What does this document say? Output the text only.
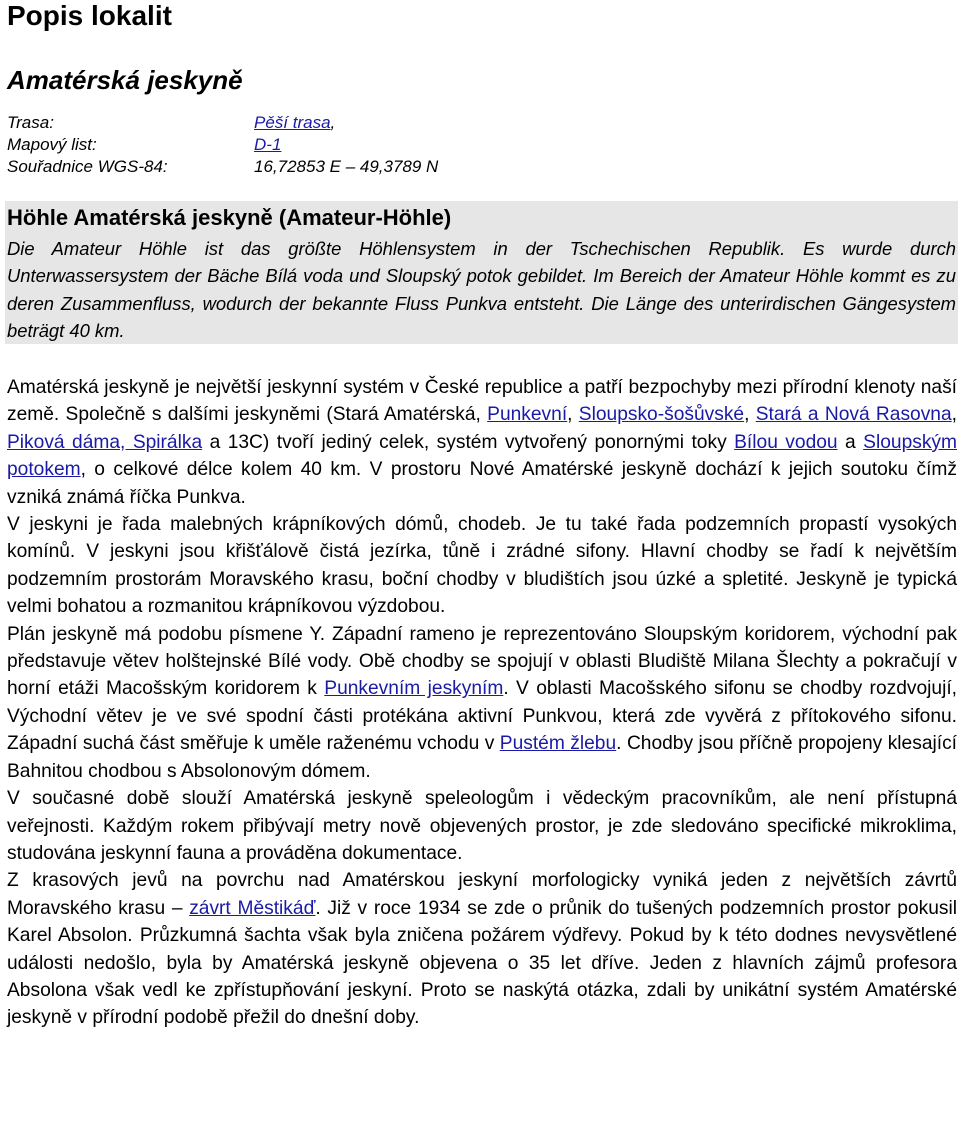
Popis lokalit
Amatérská jeskyně
Trasa:	Pěší trasa,
Mapový list:	D-1
Souřadnice WGS-84:	16,72853 E – 49,3789 N
Höhle Amatérská jeskyně (Amateur-Höhle)

Die Amateur Höhle ist das größte Höhlensystem in der Tschechischen Republik. Es wurde durch Unterwassersystem der Bäche Bílá voda und Sloupský potok gebildet. Im Bereich der Amateur Höhle kommt es zu deren Zusammenfluss, wodurch der bekannte Fluss Punkva entsteht. Die Länge des unterirdischen Gängesystem beträgt 40 km.

Amatérská jeskyně je největší jeskynní systém v České republice a patří bezpochyby mezi přírodní klenoty naší země. Společně s dalšími jeskyněmi (Stará Amatérská, Punkevní, Sloupsko-šošůvské, Stará a Nová Rasovna, Piková dáma, Spirálka a 13C) tvoří jediný celek, systém vytvořený ponornými toky Bílou vodou a Sloupským potokem, o celkové délce kolem 40 km. V prostoru Nové Amatérské jeskyně dochází k jejich soutoku čímž vzniká známá říčka Punkva.

V jeskyni je řada malebných krápníkových dómů, chodeb. Je tu také řada podzemních propastí vysokých komínů. V jeskyni jsou křišťálově čistá jezírka, tůně i zrádné sifony. Hlavní chodby se řadí k největším podzemním prostorám Moravského krasu, boční chodby v bludištích jsou úzké a spletité. Jeskyně je typická velmi bohatou a rozmanitou krápníkovou výzdobou.

Plán jeskyně má podobu písmene Y. Západní rameno je reprezentováno Sloupským koridorem, východní pak představuje větev holštejnské Bílé vody. Obě chodby se spojují v oblasti Bludiště Milana Šlechty a pokračují v horní etáži Macošským koridorem k Punkevním jeskyním. V oblasti Macošského sifonu se chodby rozdvojují, Východní větev je ve své spodní části protékána aktivní Punkvou, která zde vyvěrá z přítokového sifonu. Západní suchá část směřuje k uměle raženému vchodu v Pustém žlebu. Chodby jsou příčně propojeny klesající Bahnitou chodbou s Absolonovým dómem.

V současné době slouží Amatérská jeskyně speleologům i vědeckým pracovníkům, ale není přístupná veřejnosti. Každým rokem přibývají metry nově objevených prostor, je zde sledováno specifické mikroklima, studována jeskynní fauna a prováděna dokumentace.

Z krasových jevů na povrchu nad Amatérskou jeskyní morfologicky vyniká jeden z největších závrtů Moravského krasu – závrt Městikáď. Již v roce 1934 se zde o průnik do tušených podzemních prostor pokusil Karel Absolon. Průzkumná šachta však byla zničena požárem výdřevy. Pokud by k této dodnes nevysvětlené události nedošlo, byla by Amatérská jeskyně objevena o 35 let dříve. Jeden z hlavních zájmů profesora Absolona však vedl ke zpřístupňování jeskyní. Proto se naskýtá otázka, zdali by unikátní systém Amatérské jeskyně v přírodní podobě přežil do dnešní doby.
